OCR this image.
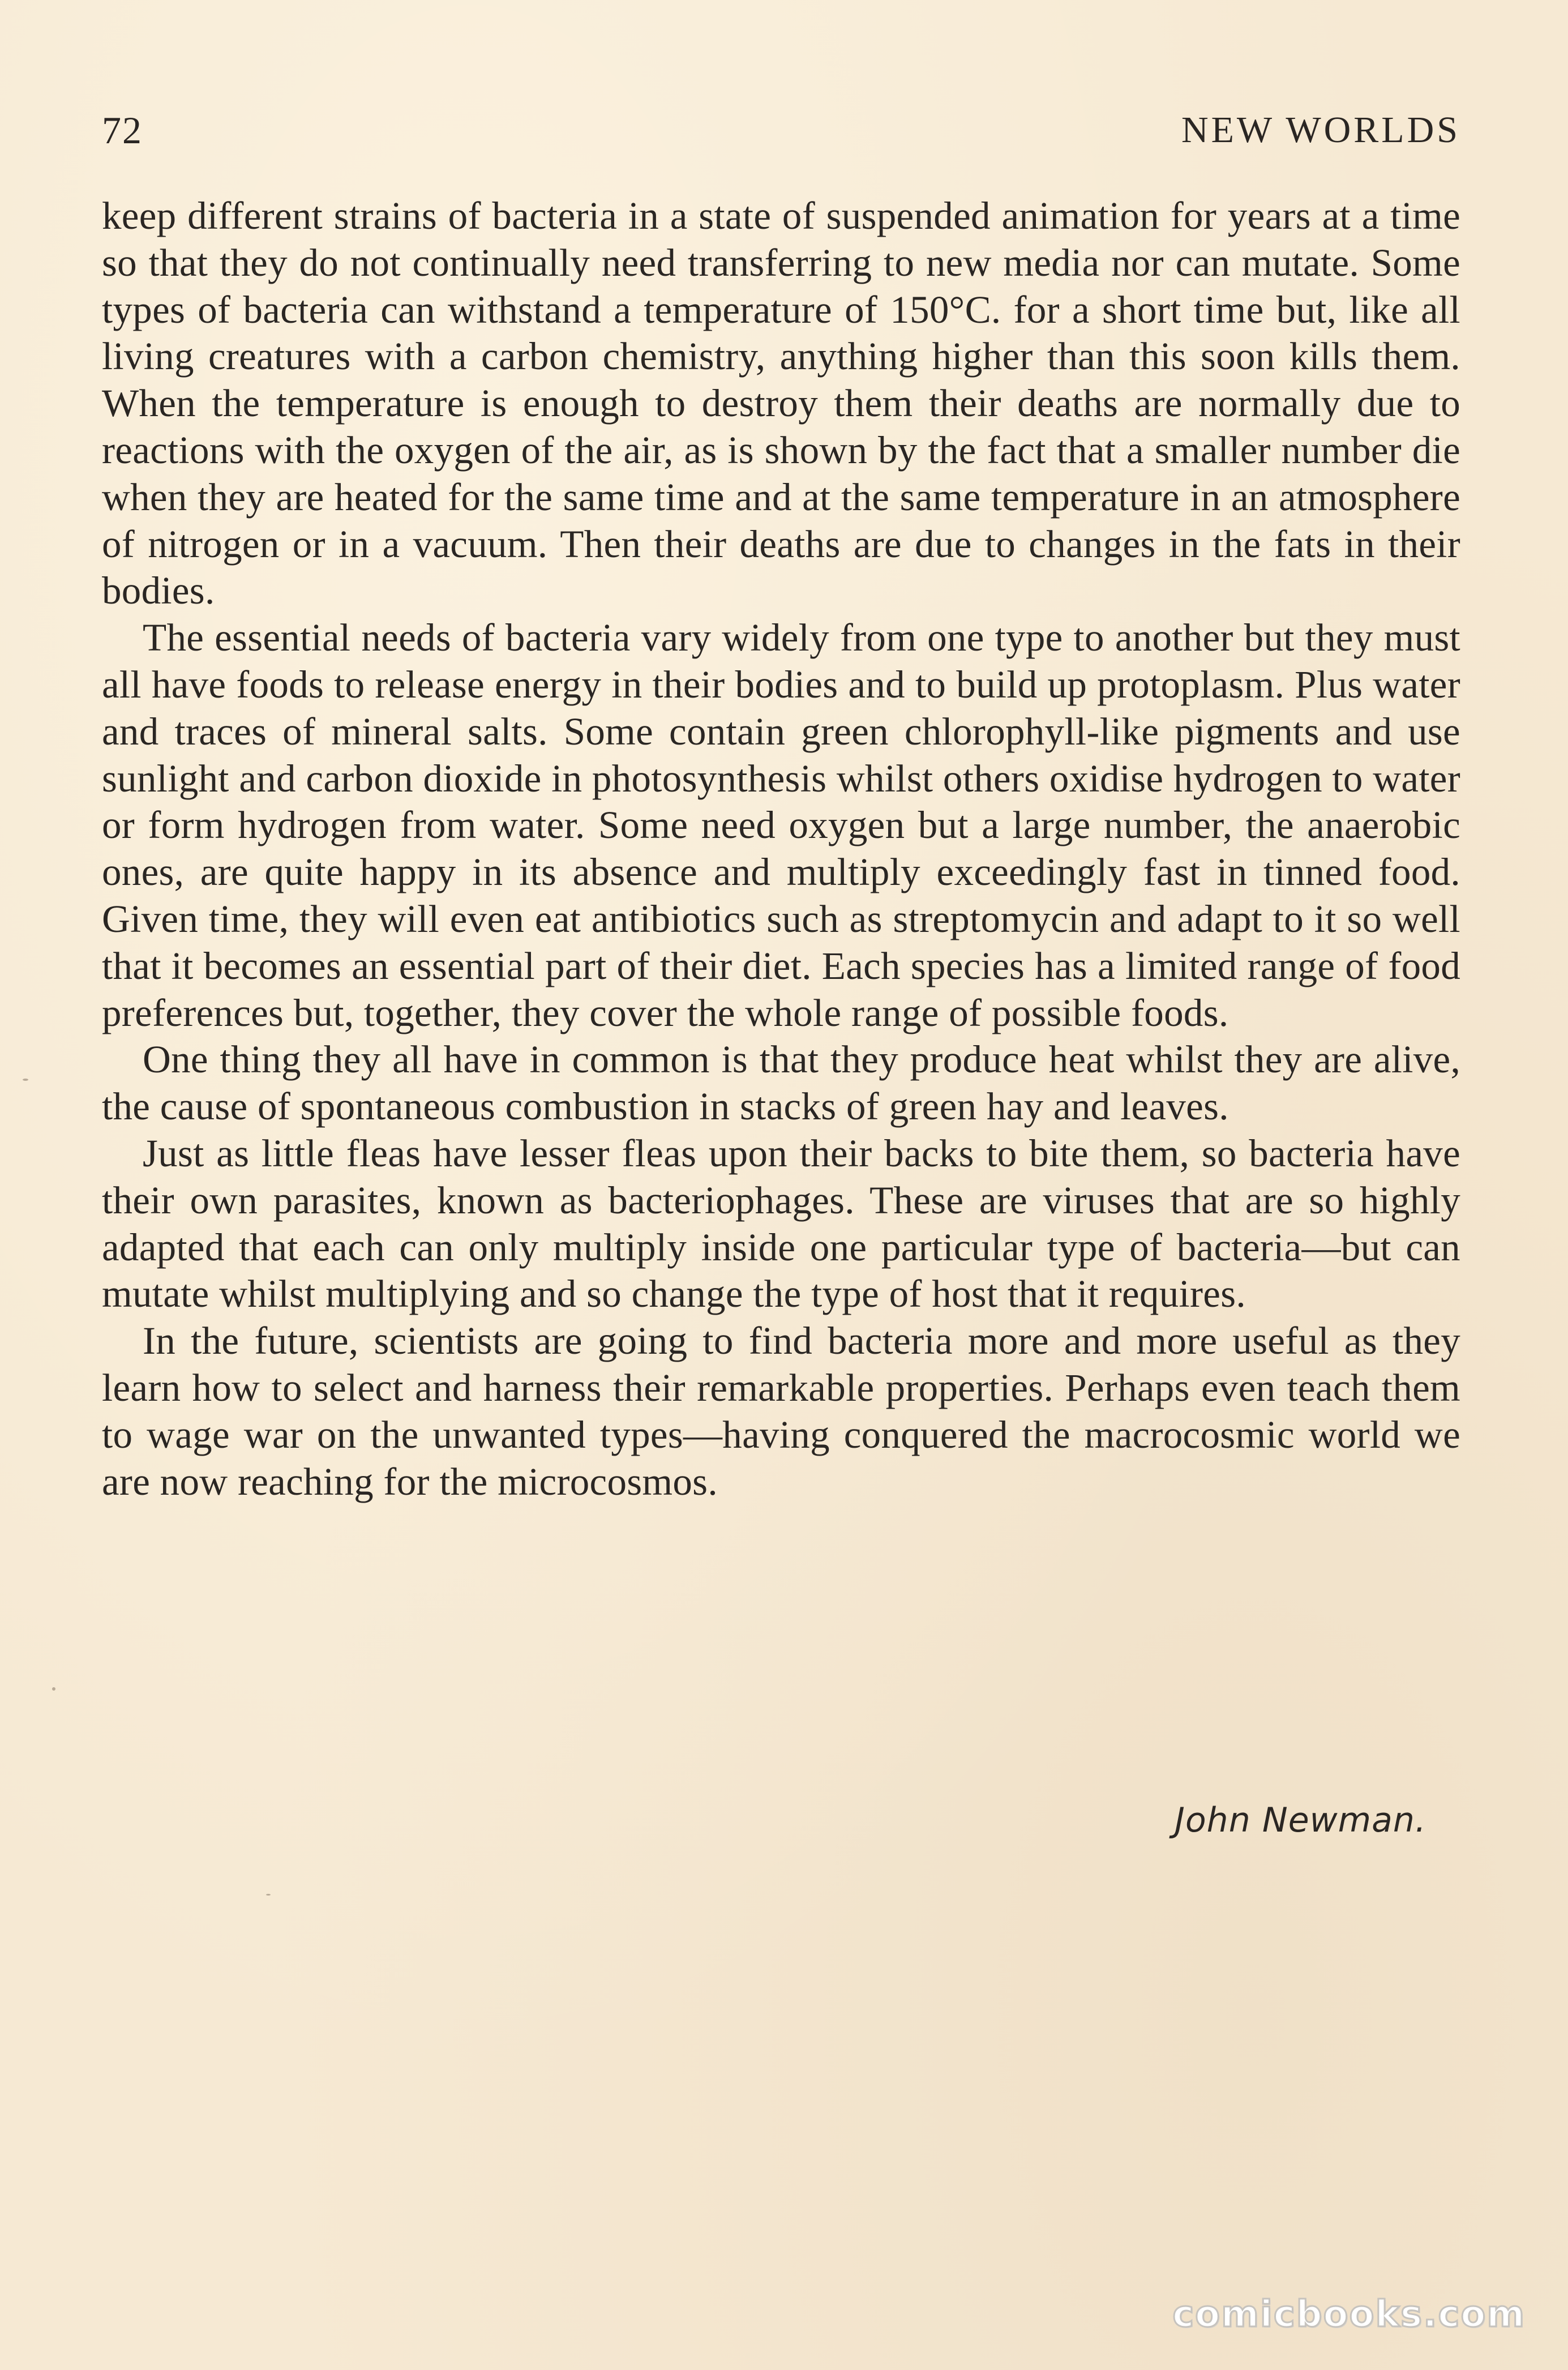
72	NEW WORLDS

keep different strains of bacteria in a state of suspended animation for years at a time so that they do not continually need transferring to new media nor can mutate. Some types of bacteria can withstand a temperature of 150°C. for a short time but, like all living creatures with a carbon chemistry, anything higher than this soon kills them. When the temperature is enough to destroy them their deaths are normally due to reactions with the oxygen of the air, as is shown by the fact that a smaller number die when they are heated for the same time and at the same temperature in an atmosphere of nitrogen or in a vacuum. Then their deaths are due to changes in the fats in their bodies.

The essential needs of bacteria vary widely from one type to another but they must all have foods to release energy in their bodies and to build up protoplasm. Plus water and traces of mineral salts. Some contain green chlorophyll-like pigments and use sunlight and carbon dioxide in photosynthesis whilst others oxidise hydrogen to water or form hydrogen from water. Some need oxygen but a large number, the anaerobic ones, are quite happy in its absence and multiply exceedingly fast in tinned food. Given time, they will even eat antibiotics such as streptomycin and adapt to it so well that it becomes an essential part of their diet. Each species has a limited range of food preferences but, together, they cover the whole range of possible foods.

One thing they all have in common is that they produce heat whilst they are alive, the cause of spontaneous combustion in stacks of green hay and leaves.

Just as little fleas have lesser fleas upon their backs to bite them, so bacteria have their own parasites, known as bacteriophages. These are viruses that are so highly adapted that each can only multiply inside one particular type of bacteria—but can mutate whilst multiplying and so change the type of host that it requires.

In the future, scientists are going to find bacteria more and more useful as they learn how to select and harness their remarkable properties. Perhaps even teach them to wage war on the unwanted types—having conquered the macrocosmic world we are now reaching for the microcosmos.

John Newman.
comicbooks.com
